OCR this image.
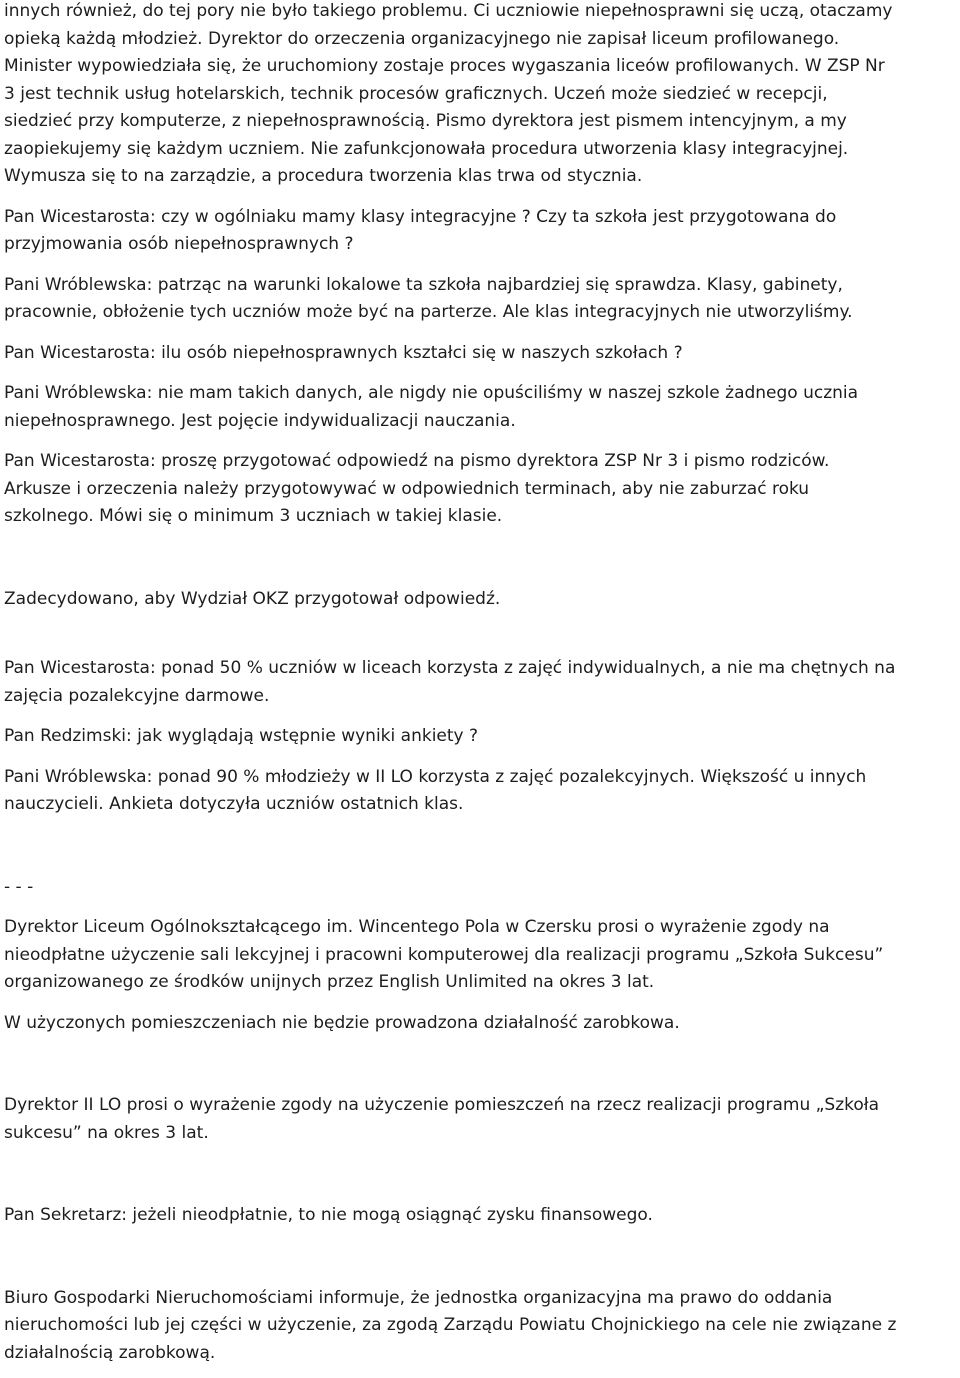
innych również, do tej pory nie było takiego problemu. Ci uczniowie niepełnosprawni się uczą, otaczamy
opieką każdą młodzież. Dyrektor do orzeczenia organizacyjnego nie zapisał liceum profilowanego.
Minister wypowiedziała się, że uruchomiony zostaje proces wygaszania liceów profilowanych. W ZSP Nr
3 jest technik usług hotelarskich, technik procesów graficznych. Uczeń może siedzieć w recepcji,
siedzieć przy komputerze, z niepełnosprawnością. Pismo dyrektora jest pismem intencyjnym, a my
zaopiekujemy się każdym uczniem. Nie zafunkcjonowała procedura utworzenia klasy integracyjnej.
Wymusza się to na zarządzie, a procedura tworzenia klas trwa od stycznia.

Pan Wicestarosta: czy w ogólniaku mamy klasy integracyjne ? Czy ta szkoła jest przygotowana do
przyjmowania osób niepełnosprawnych ?

Pani Wróblewska: patrząc na warunki lokalowe ta szkoła najbardziej się sprawdza. Klasy, gabinety,
pracownie, obłożenie tych uczniów może być na parterze. Ale klas integracyjnych nie utworzyliśmy.

Pan Wicestarosta: ilu osób niepełnosprawnych kształci się w naszych szkołach ?

Pani Wróblewska: nie mam takich danych, ale nigdy nie opuściliśmy w naszej szkole żadnego ucznia
niepełnosprawnego. Jest pojęcie indywidualizacji nauczania.

Pan Wicestarosta: proszę przygotować odpowiedź na pismo dyrektora ZSP Nr 3 i pismo rodziców.
Arkusze i orzeczenia należy przygotowywać w odpowiednich terminach, aby nie zaburzać roku
szkolnego. Mówi się o minimum 3 uczniach w takiej klasie.

Zadecydowano, aby Wydział OKZ przygotował odpowiedź.

Pan Wicestarosta: ponad 50 % uczniów w liceach korzysta z zajęć indywidualnych, a nie ma chętnych na
zajęcia pozalekcyjne darmowe.

Pan Redzimski: jak wyglądają wstępnie wyniki ankiety ?

Pani Wróblewska: ponad 90 % młodzieży w II LO korzysta z zajęć pozalekcyjnych. Większość u innych
nauczycieli. Ankieta dotyczyła uczniów ostatnich klas.

- - -

Dyrektor Liceum Ogólnokształcącego im. Wincentego Pola w Czersku prosi o wyrażenie zgody na
nieodpłatne użyczenie sali lekcyjnej i pracowni komputerowej dla realizacji programu „Szkoła Sukcesu”
organizowanego ze środków unijnych przez English Unlimited na okres 3 lat.

W użyczonych pomieszczeniach nie będzie prowadzona działalność zarobkowa.

Dyrektor II LO prosi o wyrażenie zgody na użyczenie pomieszczeń na rzecz realizacji programu „Szkoła
sukcesu” na okres 3 lat.

Pan Sekretarz: jeżeli nieodpłatnie, to nie mogą osiągnąć zysku finansowego.

Biuro Gospodarki Nieruchomościami informuje, że jednostka organizacyjna ma prawo do oddania
nieruchomości lub jej części w użyczenie, za zgodą Zarządu Powiatu Chojnickiego na cele nie związane z
działalnością zarobkową.
